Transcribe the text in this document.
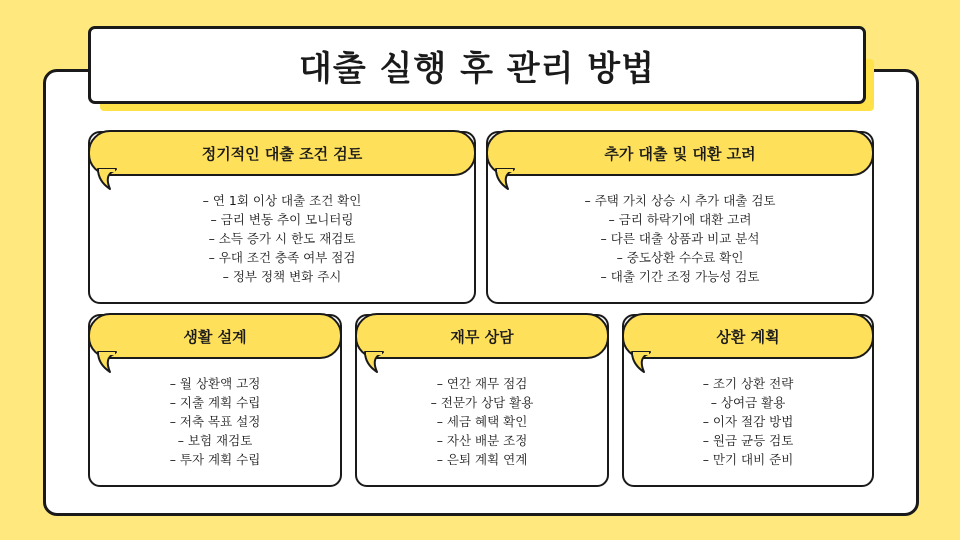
대출 실행 후 관리 방법
정기적인 대출 조건 검토
– 연 1회 이상 대출 조건 확인
– 금리 변동 추이 모니터링
– 소득 증가 시 한도 재검토
– 우대 조건 충족 여부 점검
– 정부 정책 변화 주시
추가 대출 및 대환 고려
– 주택 가치 상승 시 추가 대출 검토
– 금리 하락기에 대환 고려
– 다른 대출 상품과 비교 분석
– 중도상환 수수료 확인
– 대출 기간 조정 가능성 검토
생활 설계
– 월 상환액 고정
– 지출 계획 수립
– 저축 목표 설정
– 보험 재검토
– 투자 계획 수립
재무 상담
– 연간 재무 점검
– 전문가 상담 활용
– 세금 혜택 확인
– 자산 배분 조정
– 은퇴 계획 연계
상환 계획
– 조기 상환 전략
– 상여금 활용
– 이자 절감 방법
– 원금 균등 검토
– 만기 대비 준비
